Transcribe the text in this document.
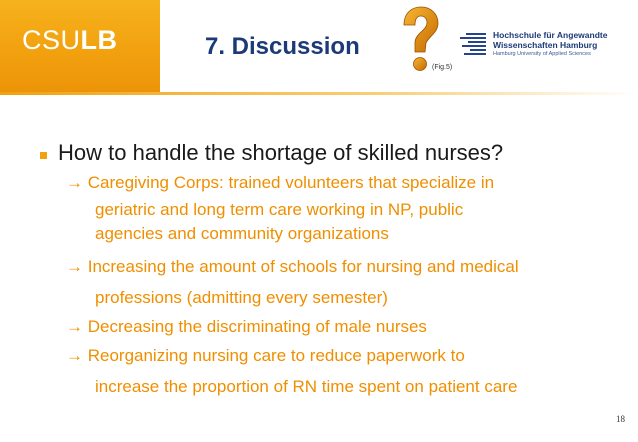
CSULB	7. Discussion
(Fig.5)
Hochschule für Angewandte
Wissenschaften Hamburg
Hamburg University of Applied Sciences
How to handle the shortage of skilled nurses?
→ Caregiving Corps: trained volunteers that specialize in
geriatric and long term care working in NP, public
agencies and community organizations
→ Increasing the amount of schools for nursing and medical
professions (admitting every semester)
→ Decreasing the discriminating of male nurses
→ Reorganizing nursing care to reduce paperwork to
increase the proportion of RN time spent on patient care
18
